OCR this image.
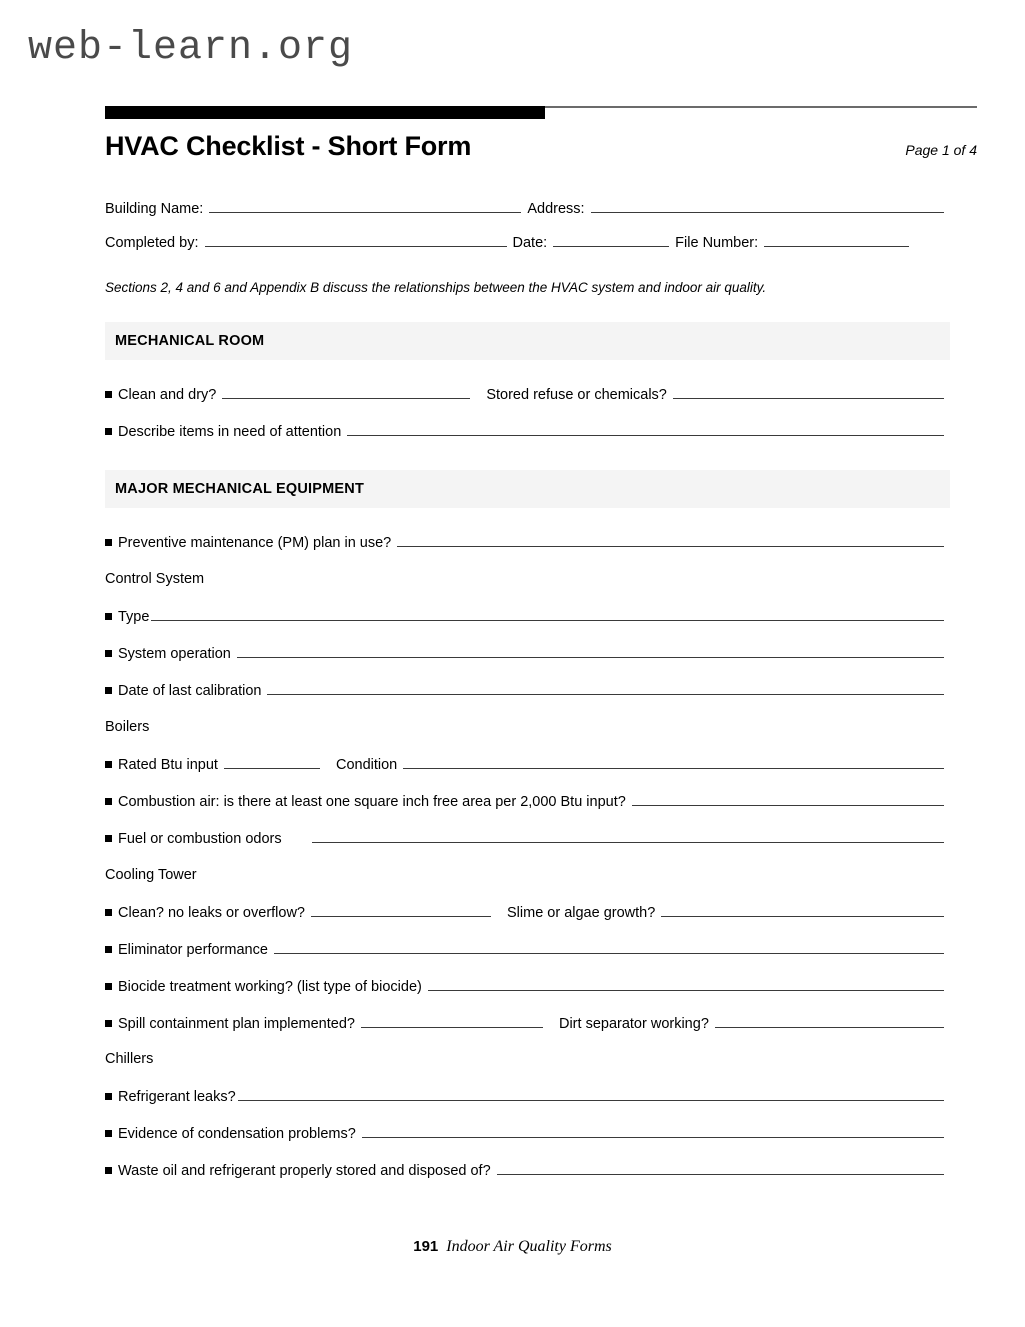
web-learn.org
HVAC Checklist - Short Form	Page 1 of 4
Building Name:	Address:
Completed by:	Date:	File Number:
Sections 2, 4 and 6 and Appendix B discuss the relationships between the HVAC system and indoor air quality.
MECHANICAL ROOM
Clean and dry?	Stored refuse or chemicals?
Describe items in need of attention
MAJOR MECHANICAL EQUIPMENT
Preventive maintenance (PM) plan in use?
Control System
Type
System operation
Date of last calibration
Boilers
Rated Btu input	Condition
Combustion air: is there at least one square inch free area per 2,000 Btu input?
Fuel or combustion odors
Cooling Tower
Clean? no leaks or overflow?	Slime or algae growth?
Eliminator performance
Biocide treatment working? (list type of biocide)
Spill containment plan implemented?	Dirt separator working?
Chillers
Refrigerant leaks?
Evidence of condensation problems?
Waste oil and refrigerant properly stored and disposed of?
191 Indoor Air Quality Forms
